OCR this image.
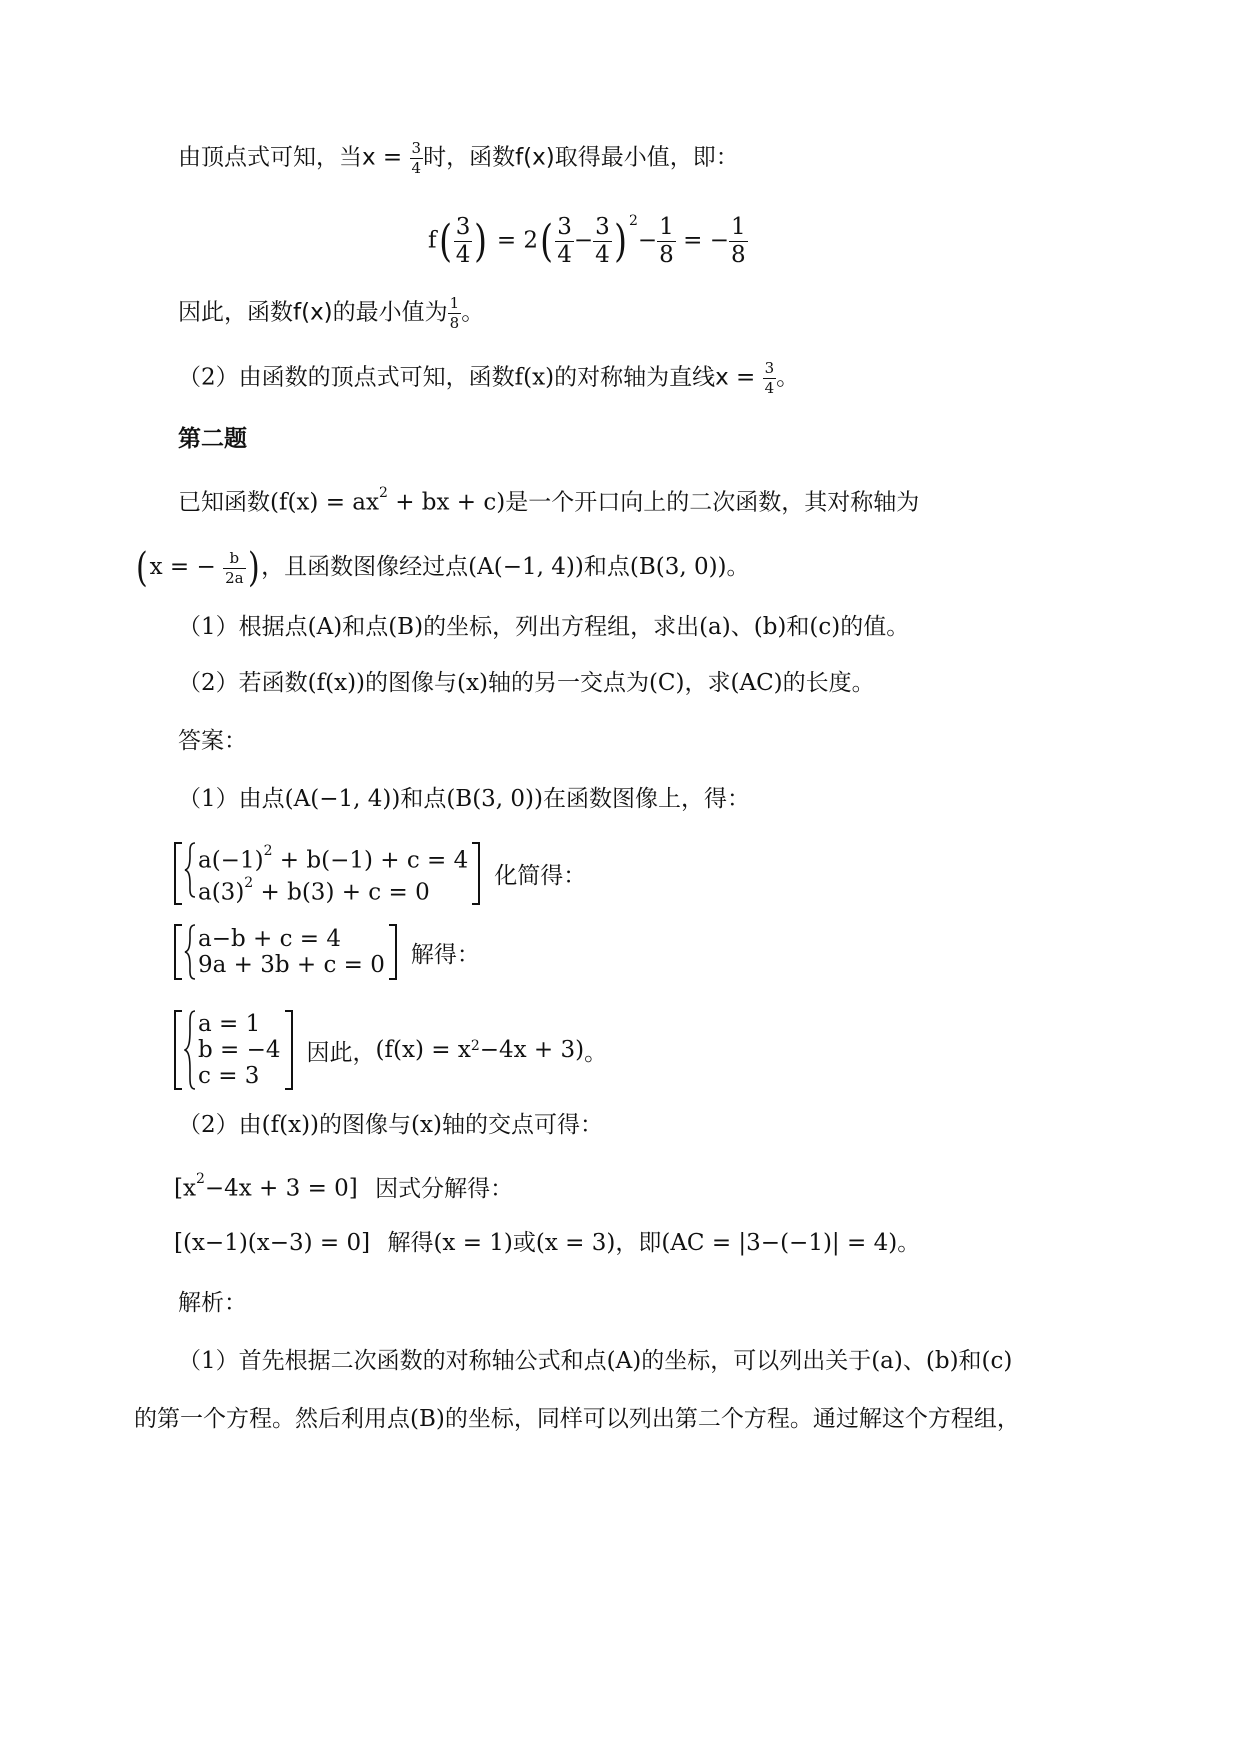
由顶点式可知，当$x = \frac{3}{4}$ 时，函数f(x)取得最小值，即：
$f( \frac{3}{4}$ ) = $2( \frac{3}{4} - \frac{3}{4}$ ) $^2- \frac{1}{8}$ = − $\frac{1}{8}$
因此，函数f(x)的最小值为 $\frac{1}{8}$ 。
（2）由函数的顶点式可知，函数f(x)的对称轴为直线$x = \frac{3}{4}$ 。
第二题
已知函数($f(x) = ax^2$ + bx + c)是一个开口向上的二次函数，其对称轴为
(x = − $\frac{b}{2a}$ )，且函数图像经过点(A(−1, 4))和点(B(3, 0))。
（1）根据点(A)和点(B)的坐标，列出方程组，求出(a)、(b)和(c)的值。
（2）若函数(f(x))的图像与(x)轴的另一交点为(C)，求(AC)的长度。
答案：
（1）由点(A(−1, 4))和点(B(3, 0))在函数图像上，得：
$a(-1)^2 + b(-1) + c = 4$
$a(3)^2 + b(3) + c = 0$
化简得：
a−b + c = 4
9a + 3b + c = 0 解得：
a = 1
b = −4
c = 3
因此， (f(x) = x 2 −4x + 3) 。
（2）由(f(x))的图像与(x)轴的交点可得：
$[x^2-4x + 3 = 0]$ 因式分解得：
[(x−1)(x−3) = 0] 解得(x = 1)或(x = 3)，即(AC = |3−(−1)| = 4)。
解析：
（1）首先根据二次函数的对称轴公式和点(A)的坐标，可以列出关于(a)、(b)和(c)
的第一个方程。然后利用点(B)的坐标，同样可以列出第二个方程。通过解这个方程组，
